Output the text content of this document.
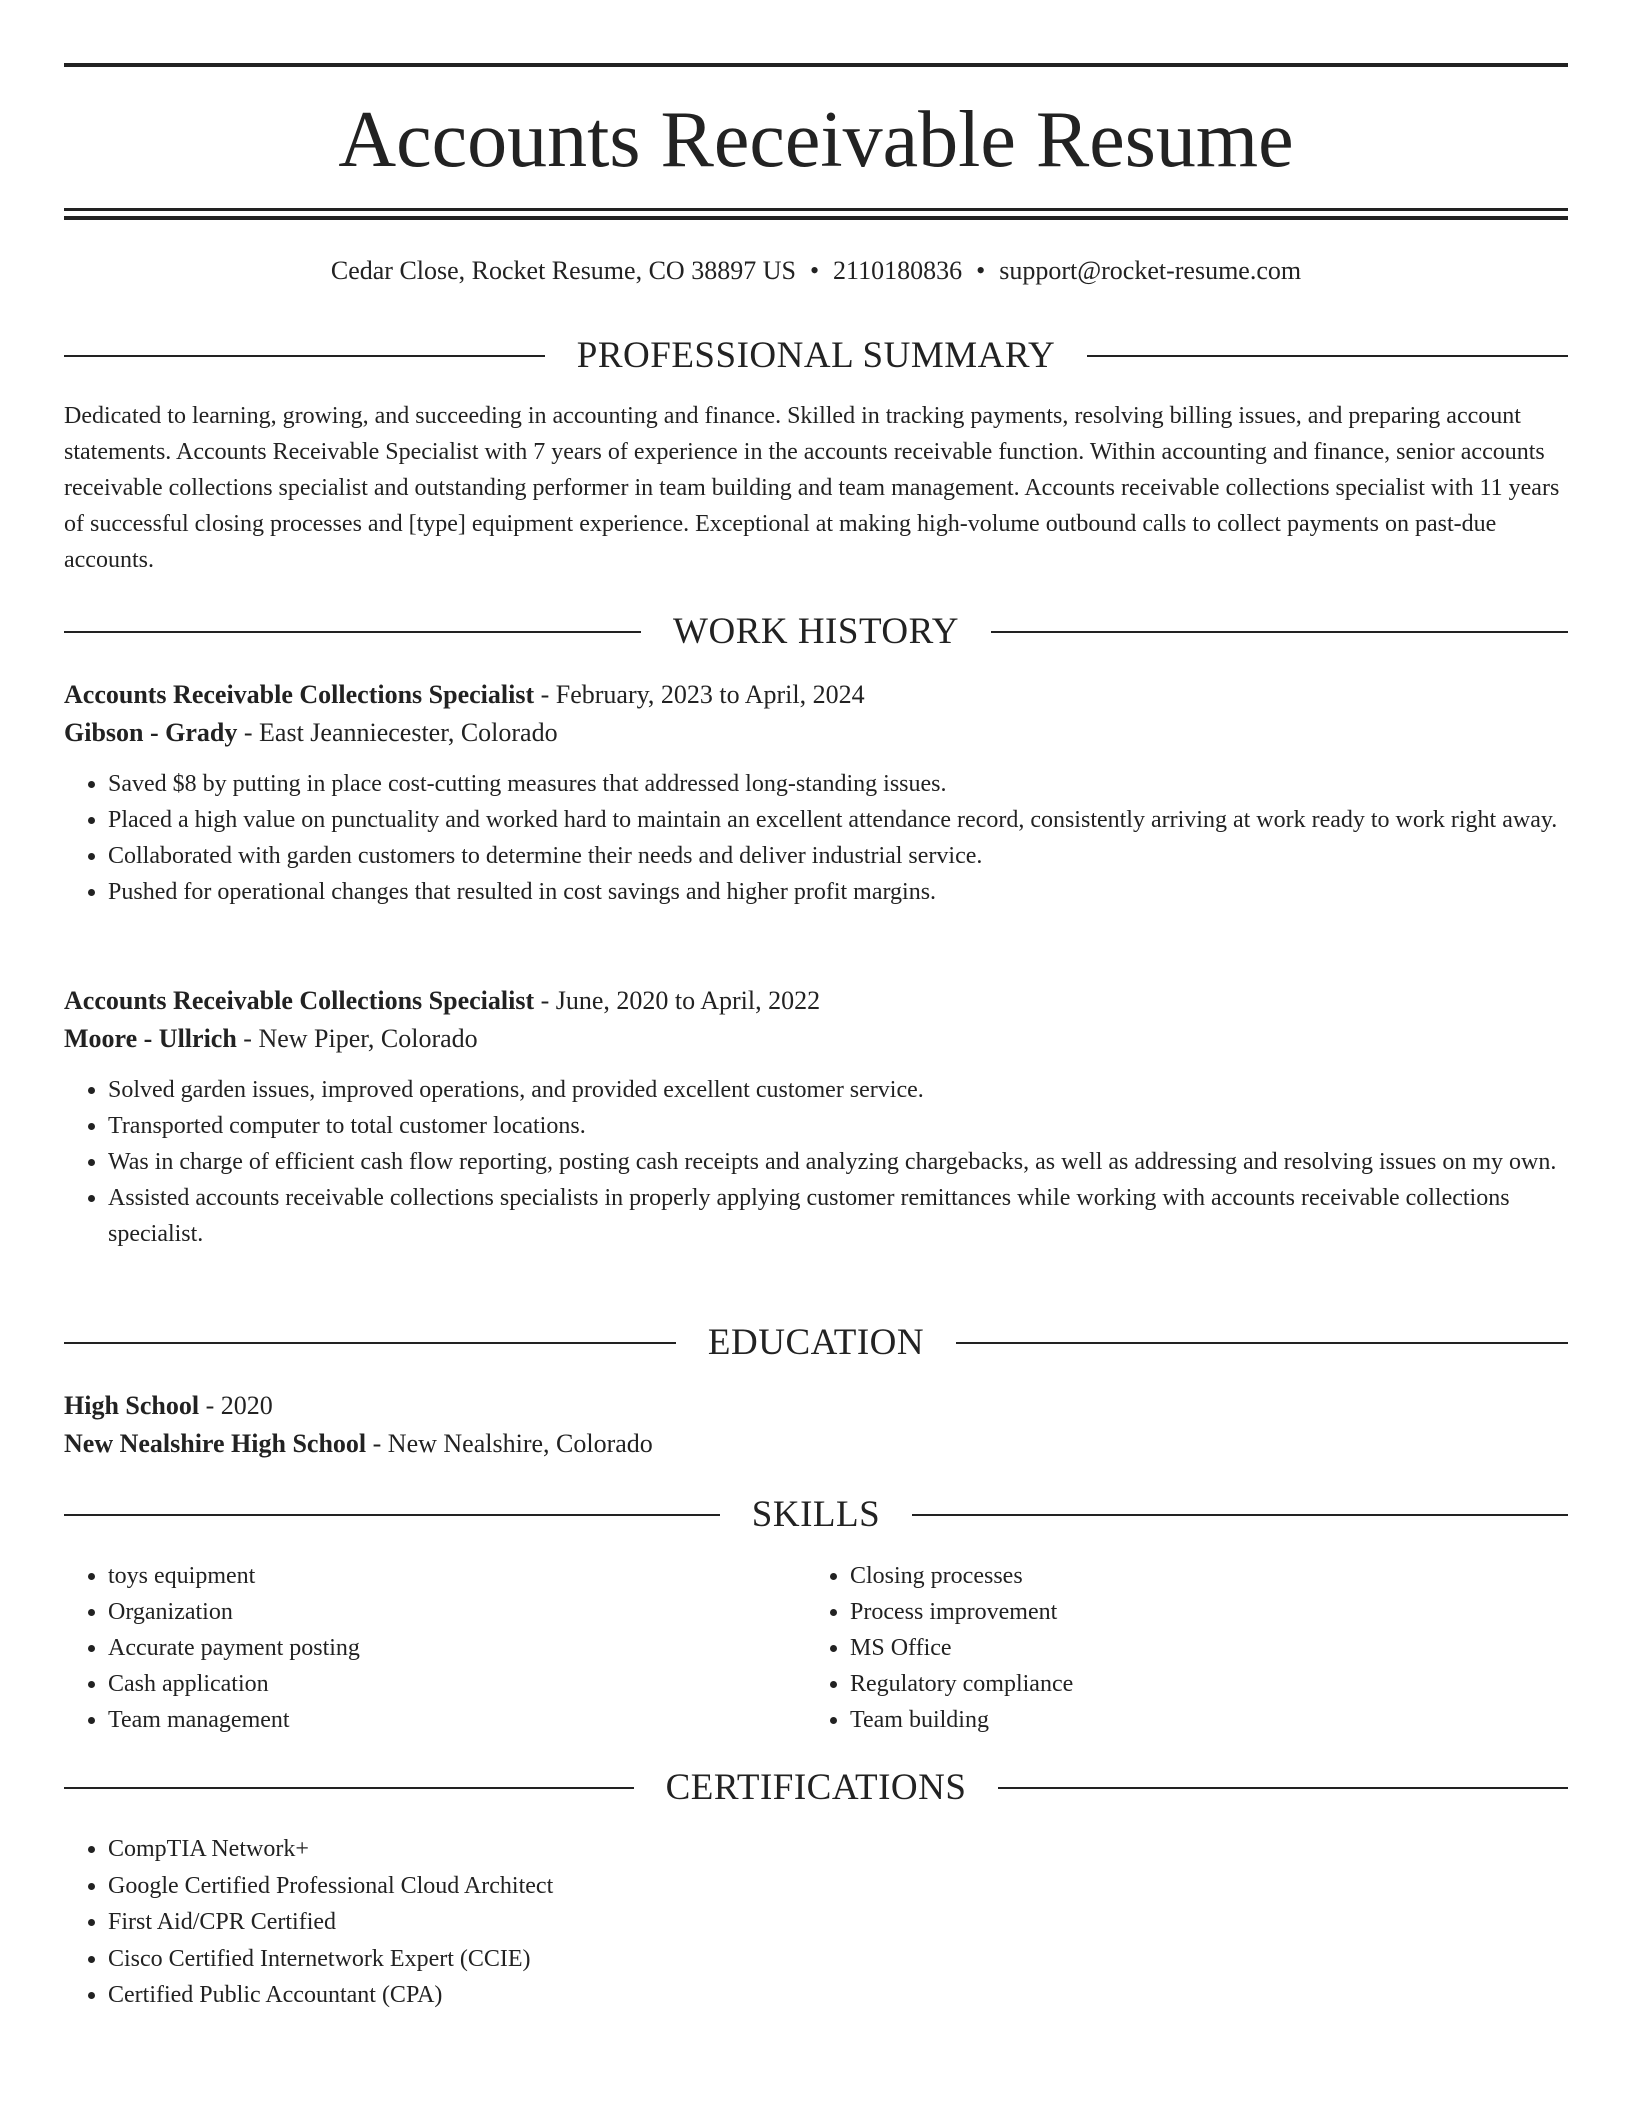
Accounts Receivable Resume
Cedar Close, Rocket Resume, CO 38897 US • 2110180836 • support@rocket-resume.com
PROFESSIONAL SUMMARY
Dedicated to learning, growing, and succeeding in accounting and finance. Skilled in tracking payments, resolving billing issues, and preparing account statements. Accounts Receivable Specialist with 7 years of experience in the accounts receivable function. Within accounting and finance, senior accounts receivable collections specialist and outstanding performer in team building and team management. Accounts receivable collections specialist with 11 years of successful closing processes and [type] equipment experience. Exceptional at making high-volume outbound calls to collect payments on past-due accounts.
WORK HISTORY
Accounts Receivable Collections Specialist - February, 2023 to April, 2024
Gibson - Grady - East Jeanniecester, Colorado
• Saved $8 by putting in place cost-cutting measures that addressed long-standing issues.
• Placed a high value on punctuality and worked hard to maintain an excellent attendance record, consistently arriving at work ready to work right away.
• Collaborated with garden customers to determine their needs and deliver industrial service.
• Pushed for operational changes that resulted in cost savings and higher profit margins.
Accounts Receivable Collections Specialist - June, 2020 to April, 2022
Moore - Ullrich - New Piper, Colorado
• Solved garden issues, improved operations, and provided excellent customer service.
• Transported computer to total customer locations.
• Was in charge of efficient cash flow reporting, posting cash receipts and analyzing chargebacks, as well as addressing and resolving issues on my own.
• Assisted accounts receivable collections specialists in properly applying customer remittances while working with accounts receivable collections specialist.
EDUCATION
High School - 2020
New Nealshire High School - New Nealshire, Colorado
SKILLS
• toys equipment
• Organization
• Accurate payment posting
• Cash application
• Team management
• Closing processes
• Process improvement
• MS Office
• Regulatory compliance
• Team building
CERTIFICATIONS
• CompTIA Network+
• Google Certified Professional Cloud Architect
• First Aid/CPR Certified
• Cisco Certified Internetwork Expert (CCIE)
• Certified Public Accountant (CPA)
